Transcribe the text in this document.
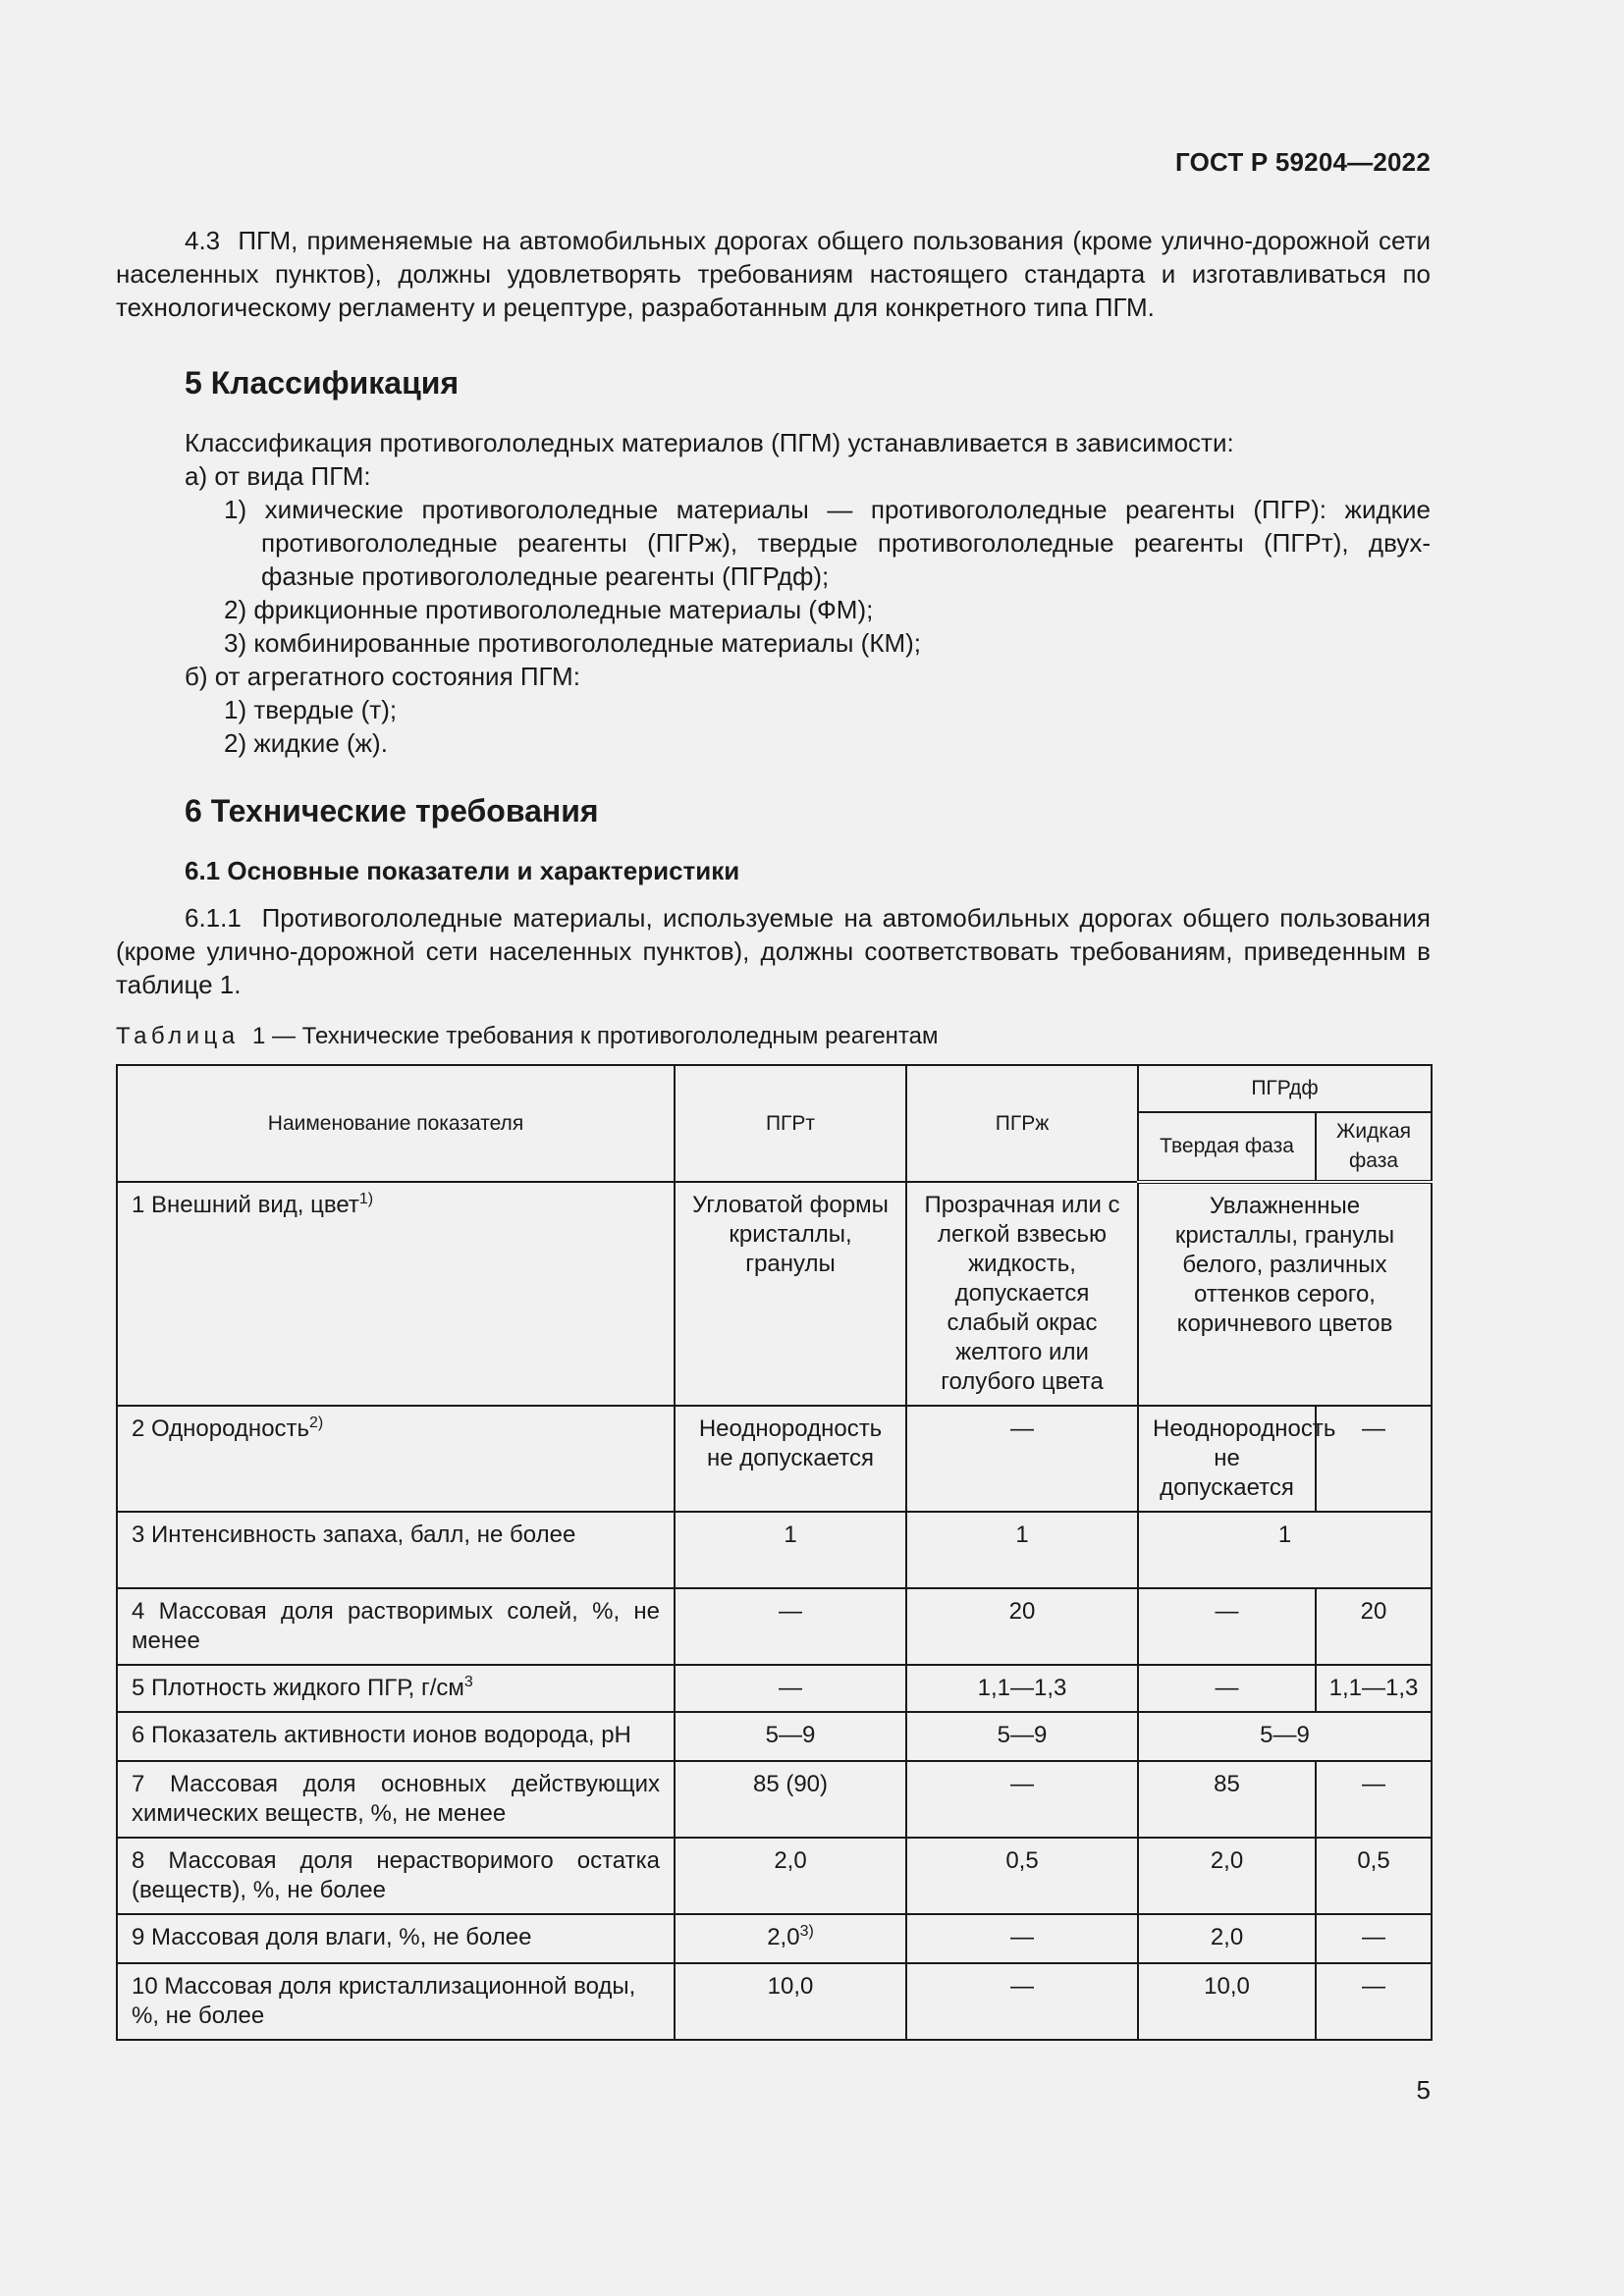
ГОСТ Р 59204—2022
4.3 ПГМ, применяемые на автомобильных дорогах общего пользования (кроме улично-дорожной сети населенных пунктов), должны удовлетворять требованиям настоящего стандарта и изготавливаться по технологическому регламенту и рецептуре, разработанным для конкретного типа ПГМ.
5 Классификация
Классификация противогололедных материалов (ПГМ) устанавливается в зависимости:
а) от вида ПГМ:
1) химические противогололедные материалы — противогололедные реагенты (ПГР): жидкие
противогололедные реагенты (ПГРж), твердые противогололедные реагенты (ПГРт), двух-
фазные противогололедные реагенты (ПГРдф);
2) фрикционные противогололедные материалы (ФМ);
3) комбинированные противогололедные материалы (КМ);
б) от агрегатного состояния ПГМ:
1) твердые (т);
2) жидкие (ж).
6 Технические требования
6.1 Основные показатели и характеристики
6.1.1 Противогололедные материалы, используемые на автомобильных дорогах общего пользования (кроме улично-дорожной сети населенных пунктов), должны соответствовать требованиям, приведенным в таблице 1.
Таблица 1 — Технические требования к противогололедным реагентам
Наименование показателя	ПГРт	ПГРж	ПГРдф	
			Твердая фаза	Жидкая фаза
1 Внешний вид, цвет$^{1)}$	Угловатой формы кристаллы, гранулы	Прозрачная или с легкой взвесью жидкость, допускается слабый окрас желтого или голубого цвета	Увлажненные кристаллы, гранулы белого, различных оттенков серого, коричневого цветов	
2 Однородность$^{2)}$	Неоднородность не допускается	—	Неоднородность не допускается	—
3 Интенсивность запаха, балл, не более	1	1	1	
4 Массовая доля растворимых солей, %, не менее	—	20	—	20
5 Плотность жидкого ПГР, $г/см^3$	—	1,1—1,3	—	1,1—1,3
6 Показатель активности ионов водорода, pH	5—9	5—9	5—9	
7 Массовая доля основных действующих химических веществ, %, не менее	85 (90)	—	85	—
8 Массовая доля нерастворимого остатка (веществ), %, не более	2,0	0,5	2,0	0,5
9 Массовая доля влаги, %, не более	2,0$^{3)}$	—	2,0	—
10 Массовая доля кристаллизационной воды, %, не более	10,0	—	10,0	—
5
